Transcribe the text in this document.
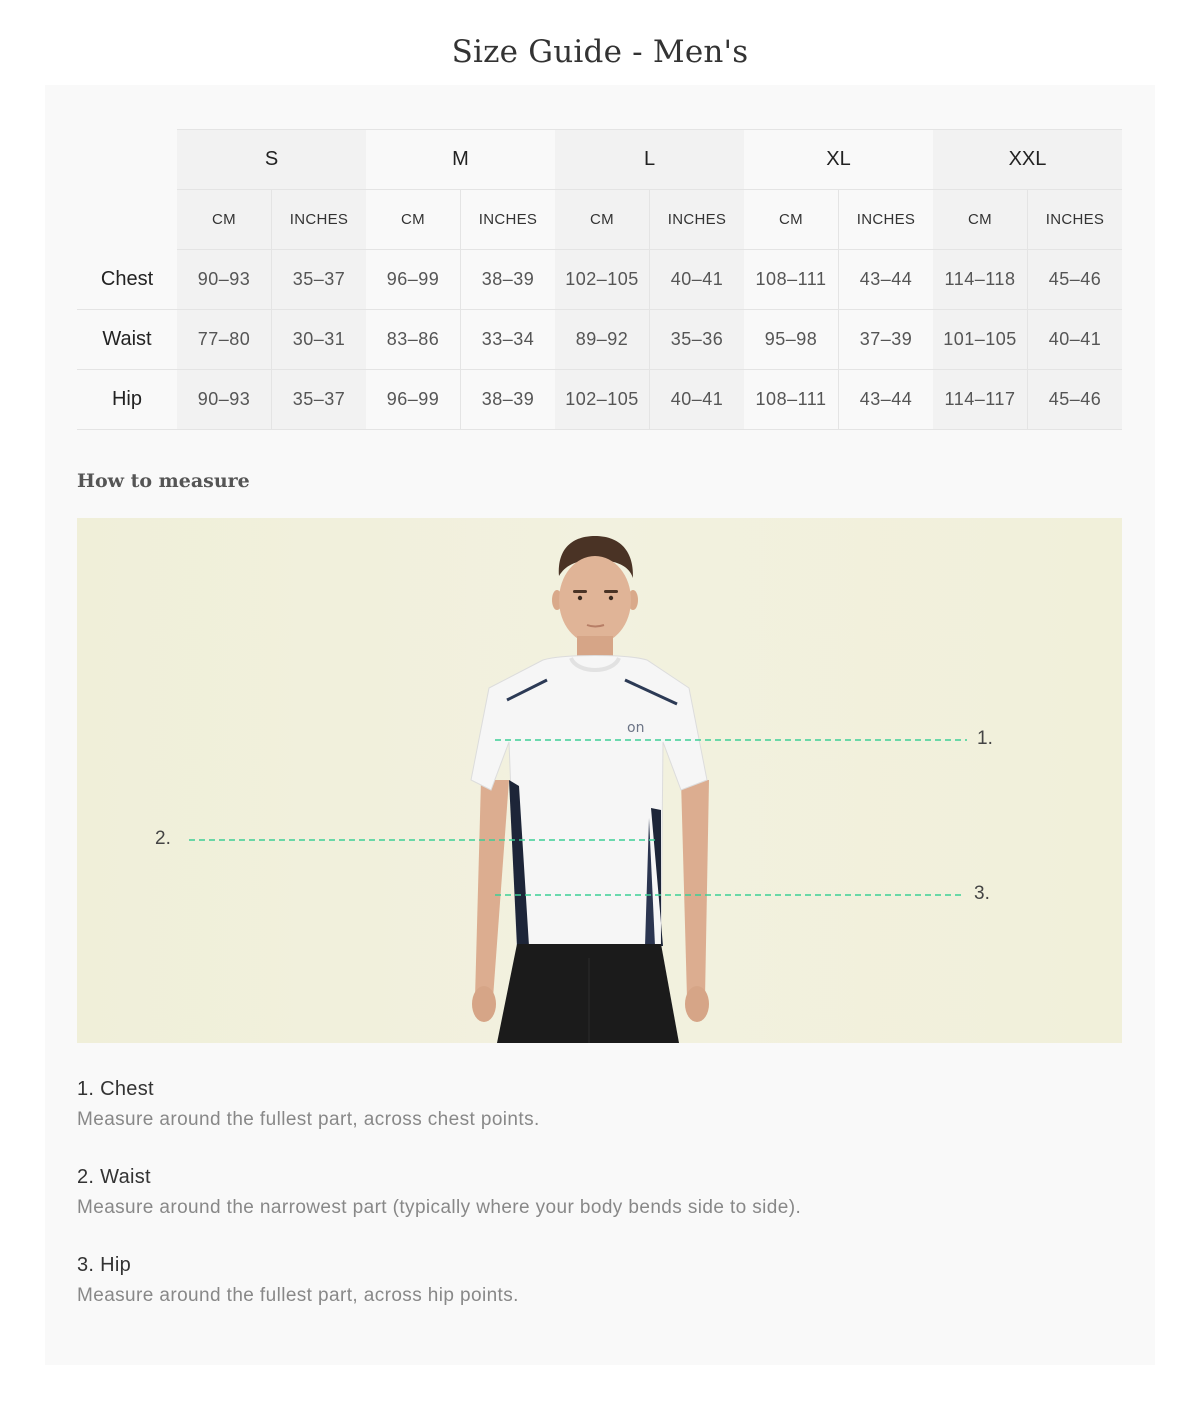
Size Guide - Men's
	S		M		L		XL		XXL	
	CM	INCHES	CM	INCHES	CM	INCHES	CM	INCHES	CM	INCHES
Chest	90–93	35–37	96–99	38–39	102–105	40–41	108–111	43–44	114–118	45–46
Waist	77–80	30–31	83–86	33–34	89–92	35–36	95–98	37–39	101–105	40–41
Hip	90–93	35–37	96–99	38–39	102–105	40–41	108–111	43–44	114–117	45–46
How to measure
on	1.
2.
3.
1. Chest
Measure around the fullest part, across chest points.
2. Waist
Measure around the narrowest part (typically where your body bends side to side).
3. Hip
Measure around the fullest part, across hip points.
